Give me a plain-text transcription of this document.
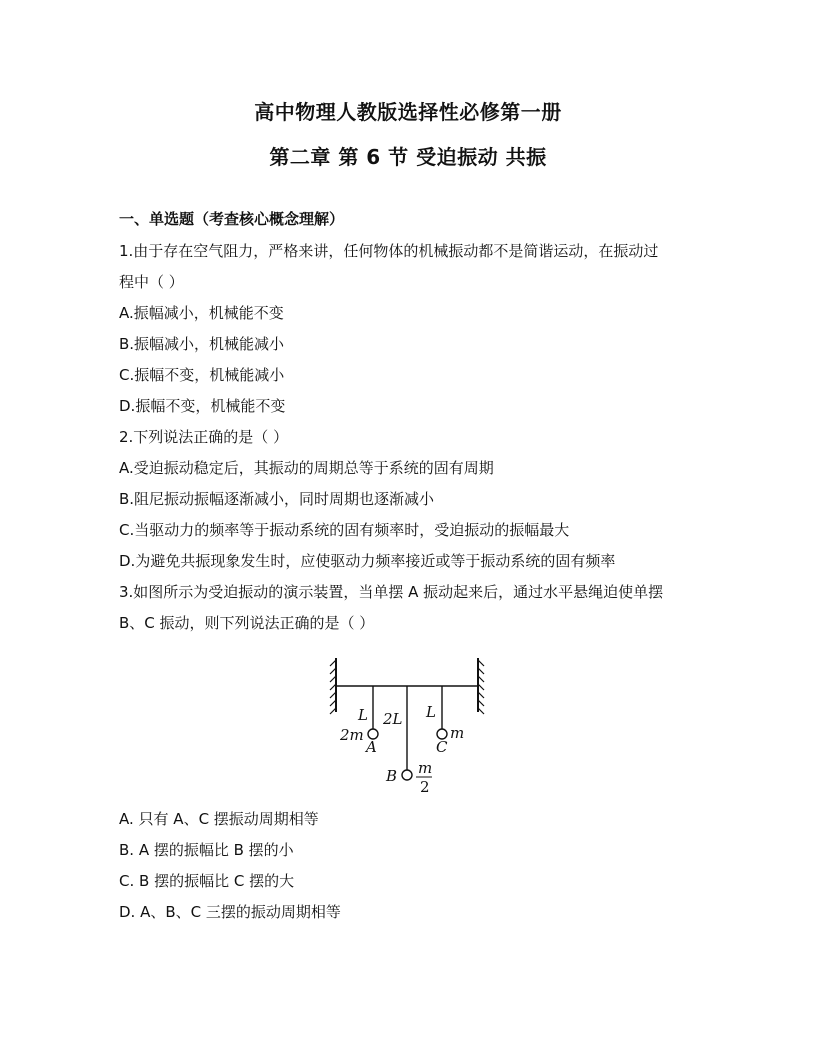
高中物理人教版选择性必修第一册
第二章 第 6 节 受迫振动 共振
一、单选题（考查核心概念理解）
1.由于存在空气阻力，严格来讲，任何物体的机械振动都不是简谐运动，在振动过
程中（ ）
A.振幅减小，机械能不变
B.振幅减小，机械能减小
C.振幅不变，机械能减小
D.振幅不变，机械能不变
2.下列说法正确的是（ ）
A.受迫振动稳定后，其振动的周期总等于系统的固有周期
B.阻尼振动振幅逐渐减小，同时周期也逐渐减小
C.当驱动力的频率等于振动系统的固有频率时，受迫振动的振幅最大
D.为避免共振现象发生时，应使驱动力频率接近或等于振动系统的固有频率
3.如图所示为受迫振动的演示装置，当单摆 A 振动起来后，通过水平悬绳迫使单摆
B、C 振动，则下列说法正确的是（ ）
L 2L L
2m
A
m
C
B m
2
A. 只有 A、C 摆振动周期相等
B. A 摆的振幅比 B 摆的小
C. B 摆的振幅比 C 摆的大
D. A、B、C 三摆的振动周期相等
